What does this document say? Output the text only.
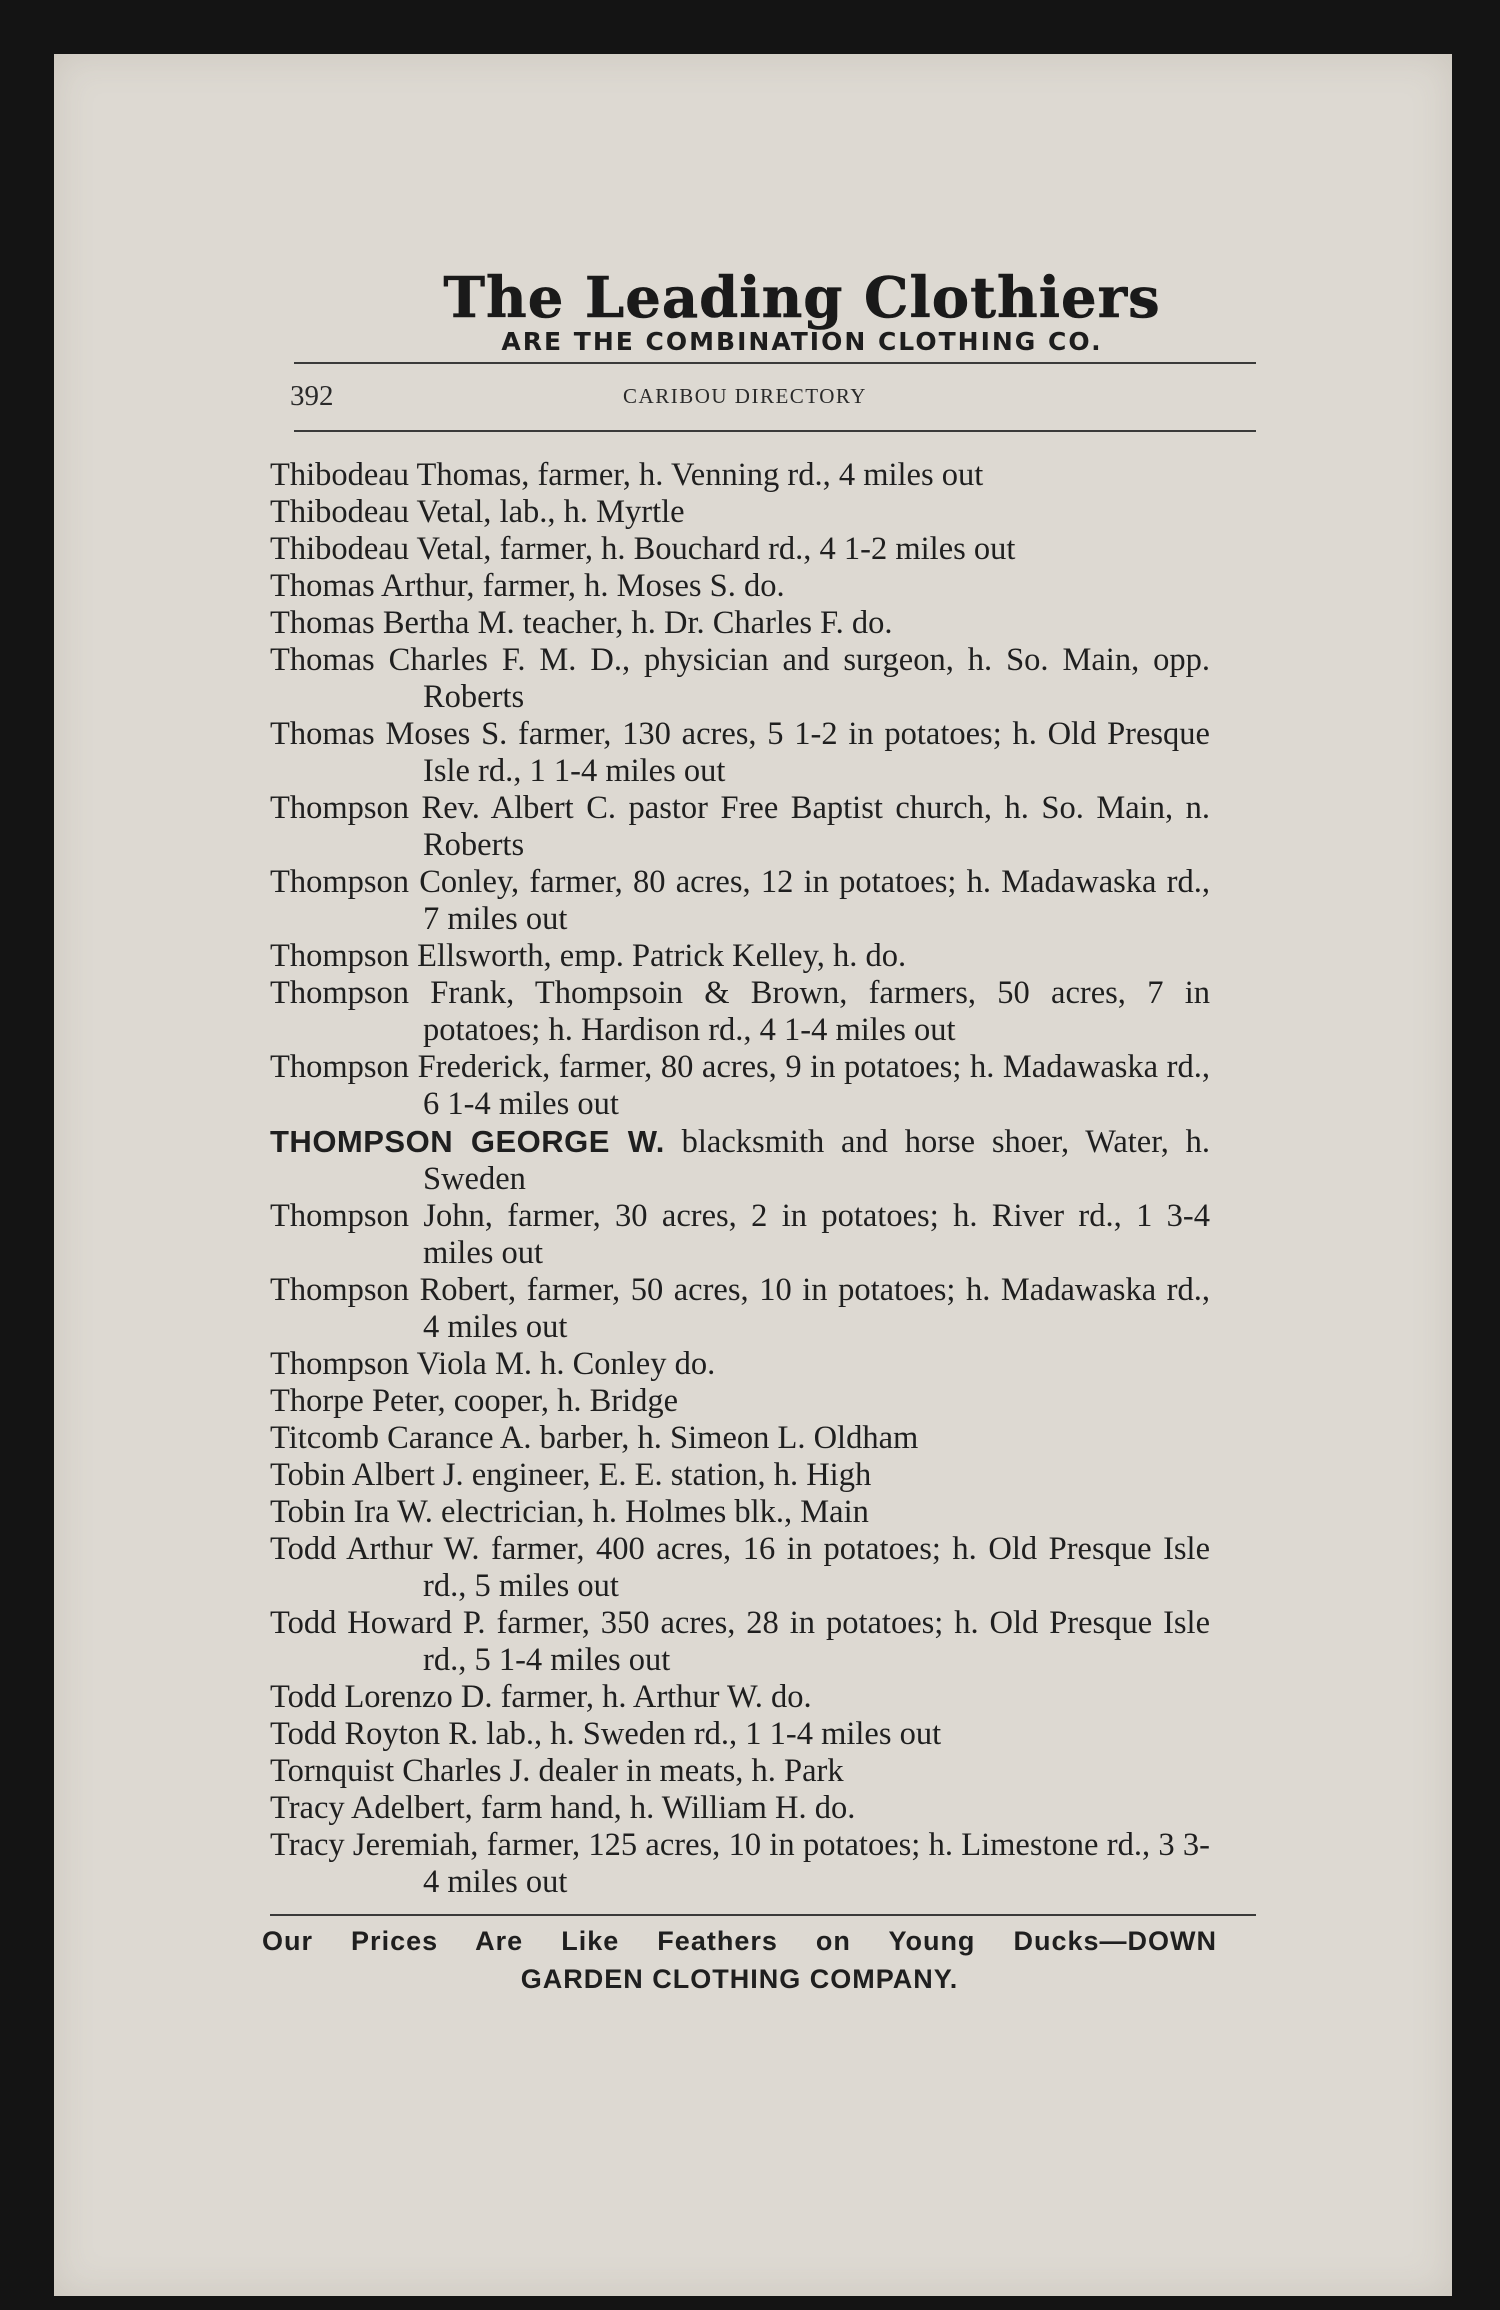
The Leading Clothiers
ARE THE COMBINATION CLOTHING CO.
392	CARIBOU DIRECTORY
Thibodeau Thomas, farmer, h. Venning rd., 4 miles out
Thibodeau Vetal, lab., h. Myrtle
Thibodeau Vetal, farmer, h. Bouchard rd., 4 1-2 miles out
Thomas Arthur, farmer, h. Moses S. do.
Thomas Bertha M. teacher, h. Dr. Charles F. do.
Thomas Charles F. M. D., physician and surgeon, h. So. Main, opp. Roberts
Thomas Moses S. farmer, 130 acres, 5 1-2 in potatoes; h. Old Presque Isle rd., 1 1-4 miles out
Thompson Rev. Albert C. pastor Free Baptist church, h. So. Main, n. Roberts
Thompson Conley, farmer, 80 acres, 12 in potatoes; h. Madawaska rd., 7 miles out
Thompson Ellsworth, emp. Patrick Kelley, h. do.
Thompson Frank, Thompsoin & Brown, farmers, 50 acres, 7 in potatoes; h. Hardison rd., 4 1-4 miles out
Thompson Frederick, farmer, 80 acres, 9 in potatoes; h. Madawaska rd., 6 1-4 miles out
THOMPSON GEORGE W. blacksmith and horse shoer, Water, h. Sweden
Thompson John, farmer, 30 acres, 2 in potatoes; h. River rd., 1 3-4 miles out
Thompson Robert, farmer, 50 acres, 10 in potatoes; h. Madawaska rd., 4 miles out
Thompson Viola M. h. Conley do.
Thorpe Peter, cooper, h. Bridge
Titcomb Carance A. barber, h. Simeon L. Oldham
Tobin Albert J. engineer, E. E. station, h. High
Tobin Ira W. electrician, h. Holmes blk., Main
Todd Arthur W. farmer, 400 acres, 16 in potatoes; h. Old Presque Isle rd., 5 miles out
Todd Howard P. farmer, 350 acres, 28 in potatoes; h. Old Presque Isle rd., 5 1-4 miles out
Todd Lorenzo D. farmer, h. Arthur W. do.
Todd Royton R. lab., h. Sweden rd., 1 1-4 miles out
Tornquist Charles J. dealer in meats, h. Park
Tracy Adelbert, farm hand, h. William H. do.
Tracy Jeremiah, farmer, 125 acres, 10 in potatoes; h. Limestone rd., 3 3-4 miles out
Our Prices Are Like Feathers on Young Ducks—DOWN
GARDEN CLOTHING COMPANY.
